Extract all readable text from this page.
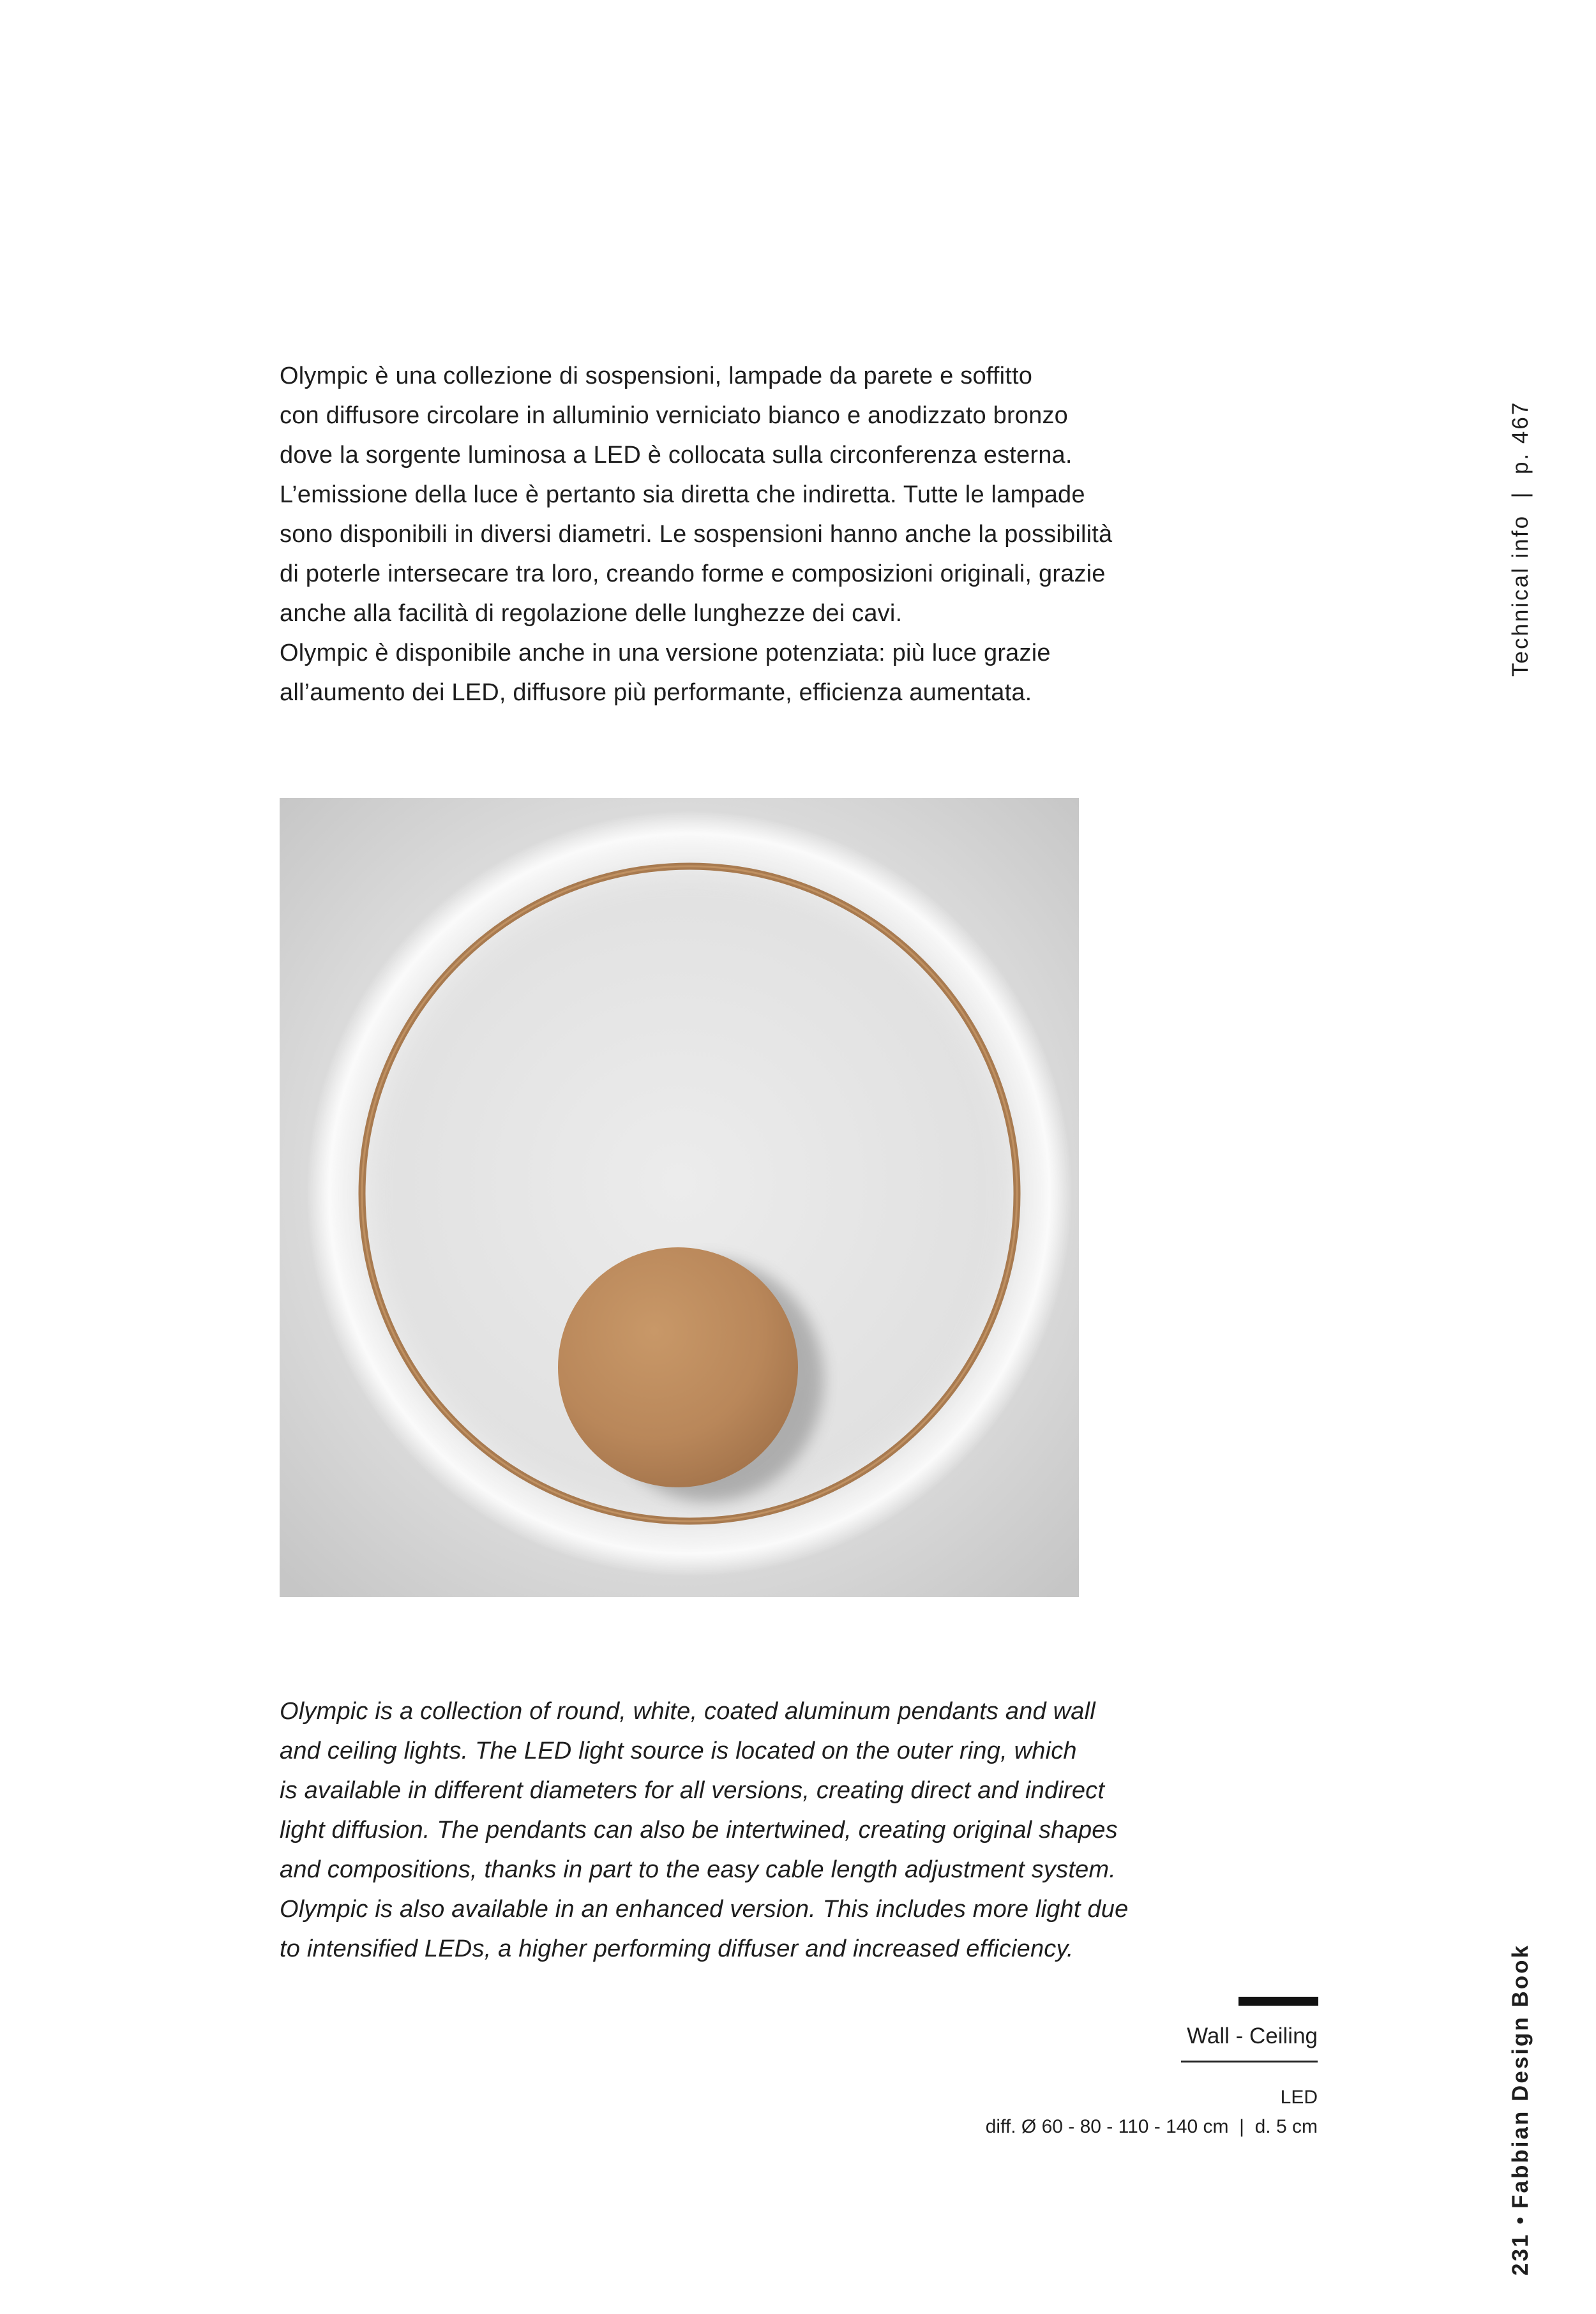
Olympic è una collezione di sospensioni, lampade da parete e soffitto
con diffusore circolare in alluminio verniciato bianco e anodizzato bronzo
dove la sorgente luminosa a LED è collocata sulla circonferenza esterna.
L’emissione della luce è pertanto sia diretta che indiretta. Tutte le lampade
sono disponibili in diversi diametri. Le sospensioni hanno anche la possibilità
di poterle intersecare tra loro, creando forme e composizioni originali, grazie
anche alla facilità di regolazione delle lunghezze dei cavi.
Olympic è disponibile anche in una versione potenziata: più luce grazie
all’aumento dei LED, diffusore più performante, efficienza aumentata.
Olympic is a collection of round, white, coated aluminum pendants and wall
and ceiling lights. The LED light source is located on the outer ring, which
is available in different diameters for all versions, creating direct and indirect
light diffusion. The pendants can also be intertwined, creating original shapes
and compositions, thanks in part to the easy cable length adjustment system.
Olympic is also available in an enhanced version. This includes more light due
to intensified LEDs, a higher performing diffuser and increased efficiency.
Wall - Ceiling
LED
diff. Ø 60 - 80 - 110 - 140 cm  |  d. 5 cm
Technical info  |  p. 467
231 • Fabbian Design Book
